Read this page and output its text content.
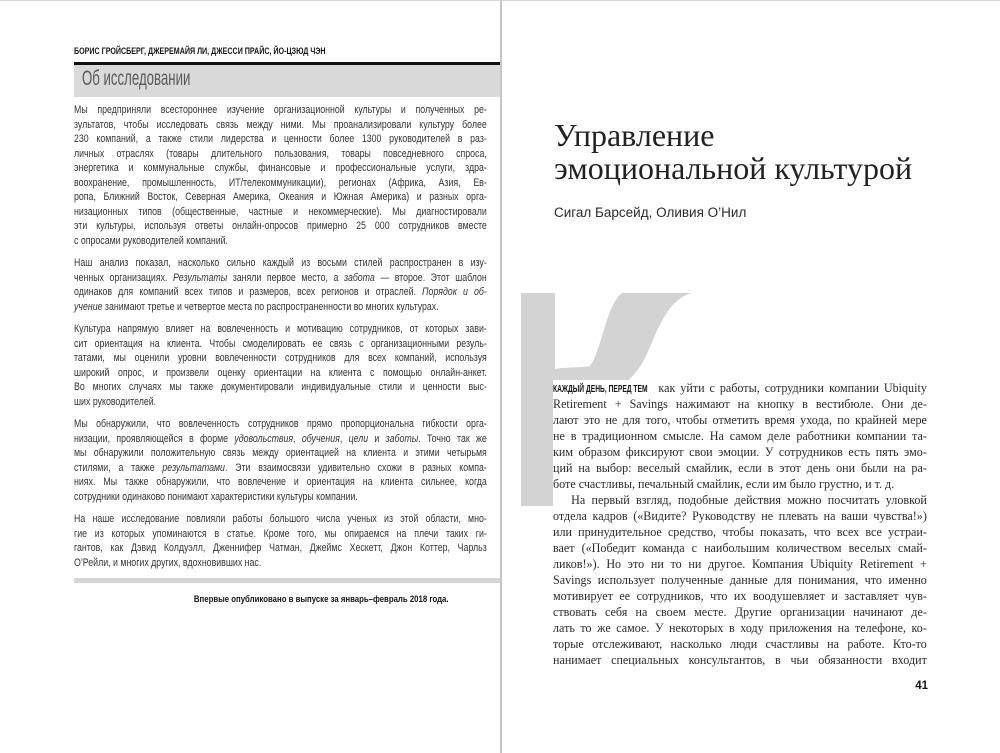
БОРИС ГРОЙСБЕРГ, ДЖЕРЕМАЙЯ ЛИ, ДЖЕССИ ПРАЙС, ЙО-ЦЗЮД ЧЭН
Об исследовании
Мы предприняли всестороннее изучение организационной культуры и полученных ре-
зультатов, чтобы исследовать связь между ними. Мы проанализировали культуру более
230 компаний, а также стили лидерства и ценности более 1300 руководителей в раз-
личных отраслях (товары длительного пользования, товары повседневного спроса,
энергетика и коммунальные службы, финансовые и профессиональные услуги, здра-
воохранение, промышленность, ИТ/телекоммуникации), регионах (Африка, Азия, Ев-
ропа, Ближний Восток, Северная Америка, Океания и Южная Америка) и разных орга-
низационных типов (общественные, частные и некоммерческие). Мы диагностировали
эти культуры, используя ответы онлайн-опросов примерно 25 000 сотрудников вместе
с опросами руководителей компаний.
Наш анализ показал, насколько сильно каждый из восьми стилей распространен в изу-
ченных организациях. Результаты заняли первое место, а забота — второе. Этот шаблон
одинаков для компаний всех типов и размеров, всех регионов и отраслей. Порядок и об-
учение занимают третье и четвертое места по распространенности во многих культурах.
Культура напрямую влияет на вовлеченность и мотивацию сотрудников, от которых зави-
сит ориентация на клиента. Чтобы смоделировать ее связь с организационными резуль-
татами, мы оценили уровни вовлеченности сотрудников для всех компаний, используя
широкий опрос, и произвели оценку ориентации на клиента с помощью онлайн-анкет.
Во многих случаях мы также документировали индивидуальные стили и ценности выс-
ших руководителей.
Мы обнаружили, что вовлеченность сотрудников прямо пропорциональна гибкости орга-
низации, проявляющейся в форме удовольствия, обучения, цели и заботы. Точно так же
мы обнаружили положительную связь между ориентацией на клиента и этими четырьмя
стилями, а также результатами. Эти взаимосвязи удивительно схожи в разных компа-
ниях. Мы также обнаружили, что вовлечение и ориентация на клиента сильнее, когда
сотрудники одинаково понимают характеристики культуры компании.
На наше исследование повлияли работы большого числа ученых из этой области, мно-
гие из которых упоминаются в статье. Кроме того, мы опираемся на плечи таких ги-
гантов, как Дэвид Колдуэлл, Дженнифер Чатман, Джеймс Хескетт, Джон Коттер, Чарльз
О’Рейли, и многих других, вдохновивших нас.
Впервые опубликовано в выпуске за январь–февраль 2018 года.
Управление
эмоциональной культурой
Сигал Барсейд, Оливия О’Нил
КАЖДЫЙ ДЕНЬ, ПЕРЕД ТЕМ как уйти с работы, сотрудники компании Ubiquity
Retirement + Savings нажимают на кнопку в вестибюле. Они де-
лают это не для того, чтобы отметить время ухода, по крайней мере
не в традиционном смысле. На самом деле работники компании та-
ким образом фиксируют свои эмоции. У сотрудников есть пять эмо-
ций на выбор: веселый смайлик, если в этот день они были на ра-
боте счастливы, печальный смайлик, если им было грустно, и т. д.
На первый взгляд, подобные действия можно посчитать уловкой
отдела кадров («Видите? Руководству не плевать на ваши чувства!»)
или принудительное средство, чтобы показать, что всех все устраи-
вает («Победит команда с наибольшим количеством веселых смай-
ликов!»). Но это ни то ни другое. Компания Ubiquity Retirement +
Savings использует полученные данные для понимания, что именно
мотивирует ее сотрудников, что их воодушевляет и заставляет чув-
ствовать себя на своем месте. Другие организации начинают де-
лать то же самое. У некоторых в ходу приложения на телефоне, ко-
торые отслеживают, насколько люди счастливы на работе. Кто-то
нанимает специальных консультантов, в чьи обязанности входит
41
